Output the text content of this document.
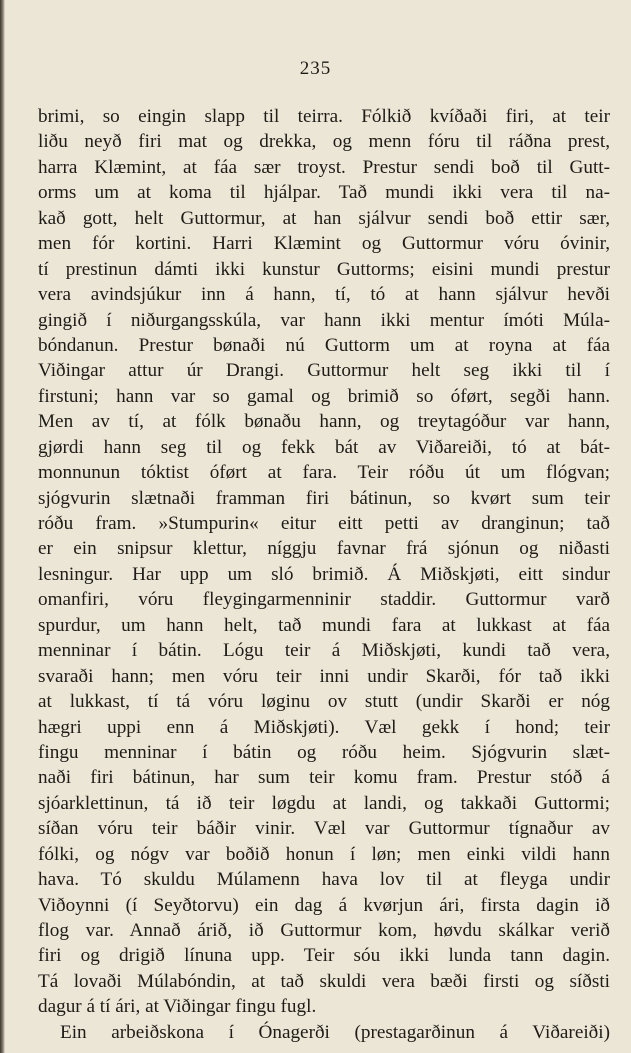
235
brimi, so eingin slapp til teirra. Fólkið kvíðaði firi, at teir
liðu neyð firi mat og drekka, og menn fóru til ráðna prest,
harra Klæmint, at fáa sær troyst. Prestur sendi boð til Gutt-
orms um at koma til hjálpar. Tað mundi ikki vera til na-
kað gott, helt Guttormur, at han sjálvur sendi boð ettir sær,
men fór kortini. Harri Klæmint og Guttormur vóru óvinir,
tí prestinun dámti ikki kunstur Guttorms; eisini mundi prestur
vera avindsjúkur inn á hann, tí, tó at hann sjálvur hevði
gingið í niðurgangsskúla, var hann ikki mentur ímóti Múla-
bóndanun. Prestur bønaði nú Guttorm um at royna at fáa
Viðingar attur úr Drangi. Guttormur helt seg ikki til í
firstuni; hann var so gamal og brimið so óført, segði hann.
Men av tí, at fólk bønaðu hann, og treytagóður var hann,
gjørdi hann seg til og fekk bát av Viðareiði, tó at bát-
monnunun tóktist óført at fara. Teir róðu út um flógvan;
sjógvurin slætnaði framman firi bátinun, so kvørt sum teir
róðu fram. »Stumpurin« eitur eitt petti av dranginun; tað
er ein snipsur klettur, níggju favnar frá sjónun og niðasti
lesningur. Har upp um sló brimið. Á Miðskjøti, eitt sindur
omanfiri, vóru fleygingarmenninir staddir. Guttormur varð
spurdur, um hann helt, tað mundi fara at lukkast at fáa
menninar í bátin. Lógu teir á Miðskjøti, kundi tað vera,
svaraði hann; men vóru teir inni undir Skarði, fór tað ikki
at lukkast, tí tá vóru løginu ov stutt (undir Skarði er nóg
hægri uppi enn á Miðskjøti). Væl gekk í hond; teir
fingu menninar í bátin og róðu heim. Sjógvurin slæt-
naði firi bátinun, har sum teir komu fram. Prestur stóð á
sjóarklettinun, tá ið teir løgdu at landi, og takkaði Guttormi;
síðan vóru teir báðir vinir. Væl var Guttormur tígnaður av
fólki, og nógv var boðið honun í løn; men einki vildi hann
hava. Tó skuldu Múlamenn hava lov til at fleyga undir
Viðoynni (í Seyðtorvu) ein dag á kvørjun ári, firsta dagin ið
flog var. Annað árið, ið Guttormur kom, høvdu skálkar verið
firi og drigið línuna upp. Teir sóu ikki lunda tann dagin.
Tá lovaði Múlabóndin, at tað skuldi vera bæði firsti og síðsti
dagur á tí ári, at Viðingar fingu fugl.
Ein arbeiðskona í Ónagerði (prestagarðinun á Viðareiði)
